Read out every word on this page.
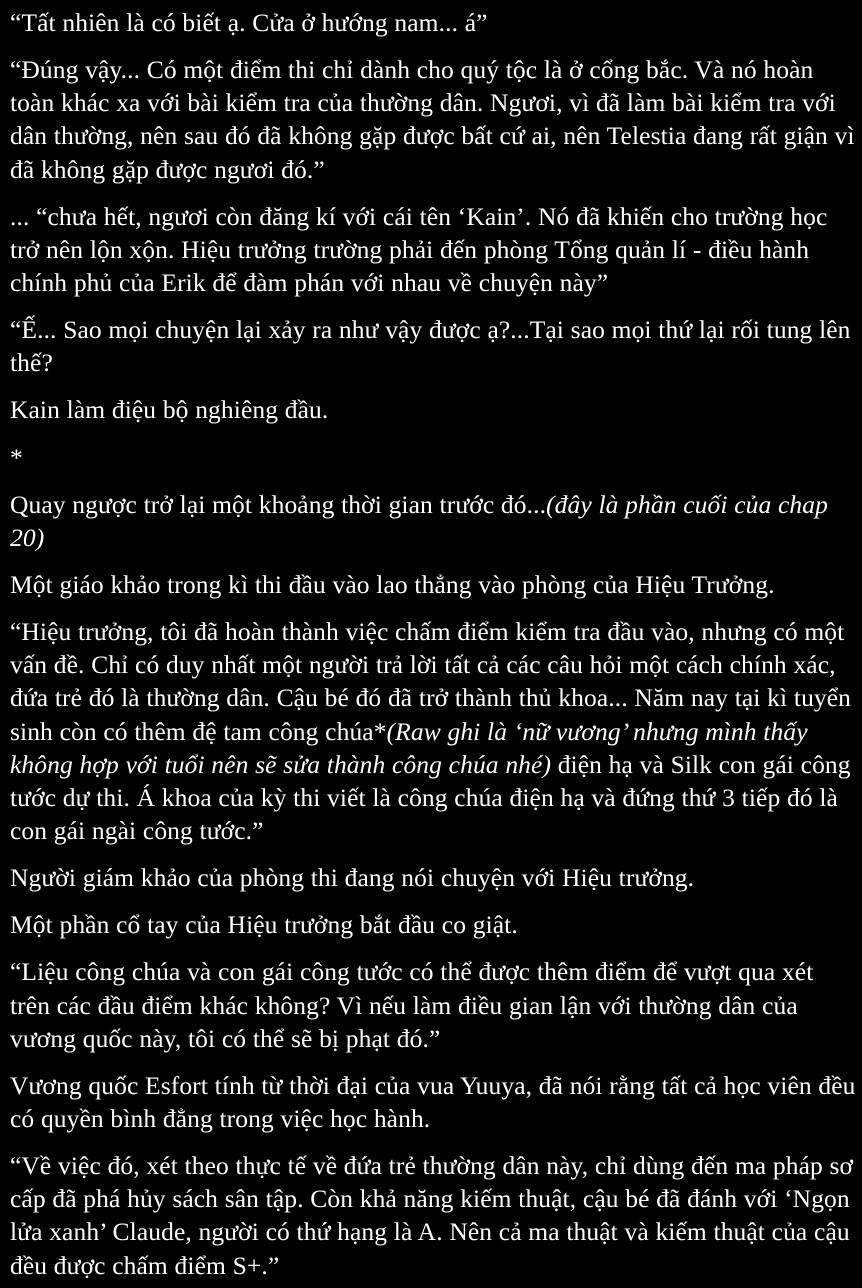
“Tất nhiên là có biết ạ. Cửa ở hướng nam... á”

“Đúng vậy... Có một điểm thi chỉ dành cho quý tộc là ở cổng bắc. Và nó hoàn toàn khác xa với bài kiểm tra của thường dân. Ngươi, vì đã làm bài kiểm tra với dân thường, nên sau đó đã không gặp được bất cứ ai, nên Telestia đang rất giận vì đã không gặp được ngươi đó.”

... “chưa hết, ngươi còn đăng kí với cái tên ‘Kain’. Nó đã khiến cho trường học trở nên lộn xộn. Hiệu trưởng trường phải đến phòng Tổng quản lí - điều hành chính phủ của Erik để đàm phán với nhau về chuyện này”

“Ế... Sao mọi chuyện lại xảy ra như vậy được ạ?...Tại sao mọi thứ lại rối tung lên thế?

Kain làm điệu bộ nghiêng đầu.

*

Quay ngược trở lại một khoảng thời gian trước đó...(đây là phần cuối của chap 20)

Một giáo khảo trong kì thi đầu vào lao thẳng vào phòng của Hiệu Trưởng.

“Hiệu trưởng, tôi đã hoàn thành việc chấm điểm kiểm tra đầu vào, nhưng có một vấn đề. Chỉ có duy nhất một người trả lời tất cả các câu hỏi một cách chính xác, đứa trẻ đó là thường dân. Cậu bé đó đã trở thành thủ khoa... Năm nay tại kì tuyển sinh còn có thêm đệ tam công chúa*(Raw ghi là ‘nữ vương’ nhưng mình thấy không hợp với tuổi nên sẽ sửa thành công chúa nhé) điện hạ và Silk con gái công tước dự thi. Á khoa của kỳ thi viết là công chúa điện hạ và đứng thứ 3 tiếp đó là con gái ngài công tước.”

Người giám khảo của phòng thi đang nói chuyện với Hiệu trưởng.

Một phần cổ tay của Hiệu trưởng bắt đầu co giật.

“Liệu công chúa và con gái công tước có thể được thêm điểm để vượt qua xét trên các đầu điểm khác không? Vì nếu làm điều gian lận với thường dân của vương quốc này, tôi có thể sẽ bị phạt đó.”

Vương quốc Esfort tính từ thời đại của vua Yuuya, đã nói rằng tất cả học viên đều có quyền bình đẳng trong việc học hành.

“Về việc đó, xét theo thực tế về đứa trẻ thường dân này, chỉ dùng đến ma pháp sơ cấp đã phá hủy sách sân tập. Còn khả năng kiếm thuật, cậu bé đã đánh với ‘Ngọn lửa xanh’ Claude, người có thứ hạng là A. Nên cả ma thuật và kiếm thuật của cậu đều được chấm điểm S+.”
